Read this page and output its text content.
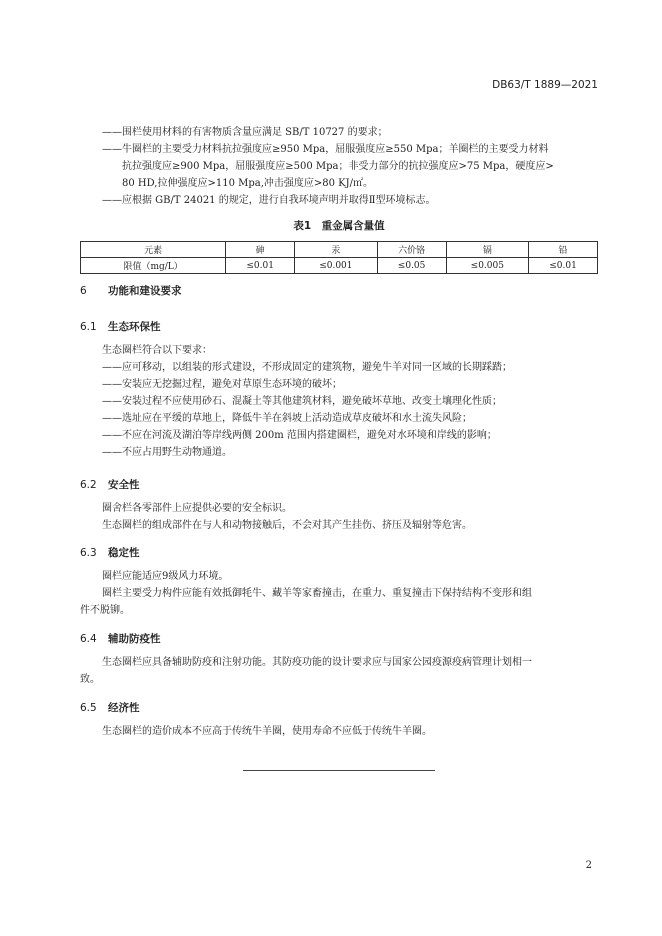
DB63/T 1889—2021
——围栏使用材料的有害物质含量应满足 SB/T 10727 的要求；
——牛圈栏的主要受力材料抗拉强度应≥950 Mpa，屈服强度应≥550 Mpa；羊圈栏的主要受力材料
抗拉强度应≥900 Mpa，屈服强度应≥500 Mpa；非受力部分的抗拉强度应>75 Mpa，硬度应>
80 HD,拉伸强度应>110 Mpa,冲击强度应>80 KJ/㎡。
——应根据 GB/T 24021 的规定，进行自我环境声明并取得Ⅱ型环境标志。
表1　重金属含量值
元素	砷	汞	六价铬	镉	铅
限值（mg/L）	≤0.01	≤0.001	≤0.05	≤0.005	≤0.01
6 功能和建设要求
6.1 生态环保性
生态圈栏符合以下要求：
——应可移动，以组装的形式建设，不形成固定的建筑物，避免牛羊对同一区域的长期踩踏；
——安装应无挖掘过程，避免对草原生态环境的破坏；
——安装过程不应使用砂石、混凝土等其他建筑材料，避免破坏草地、改变土壤理化性质；
——选址应在平缓的草地上，降低牛羊在斜坡上活动造成草皮破坏和水土流失风险；
——不应在河流及湖泊等岸线两侧 200m 范围内搭建圈栏，避免对水环境和岸线的影响；
——不应占用野生动物通道。
6.2 安全性
圈舍栏各零部件上应提供必要的安全标识。
生态圈栏的组成部件在与人和动物接触后，不会对其产生挂伤、挤压及辐射等危害。
6.3 稳定性
圈栏应能适应9级风力环境。
圈栏主要受力构件应能有效抵御牦牛、藏羊等家畜撞击，在重力、重复撞击下保持结构不变形和组
件不脱铆。
6.4 辅助防疫性
生态圈栏应具备辅助防疫和注射功能。其防疫功能的设计要求应与国家公园疫源疫病管理计划相一
致。
6.5 经济性
生态圈栏的造价成本不应高于传统牛羊圈，使用寿命不应低于传统牛羊圈。
2
